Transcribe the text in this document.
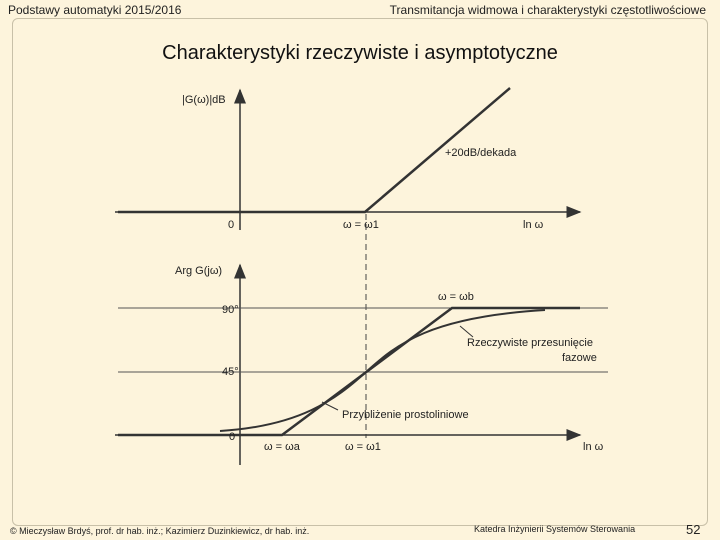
Podstawy automatyki 2015/2016	Transmitancja widmowa i charakterystyki częstotliwościowe
Charakterystyki rzeczywiste i asymptotyczne
|G(ω)|dB
0
+20dB/dekada
ω = ω1	ln ω
Arg G(jω)
90°
45°
0
ω = ωb
ω = ωa	ω = ω1	ln ω
Rzeczywiste przesunięcie
fazowe
Przybliżenie prostoliniowe
© Mieczysław Brdyś, prof. dr hab. inż.; Kazimierz Duzinkiewicz, dr hab. inż.	Katedra Inżynierii Systemów Sterowania	52
